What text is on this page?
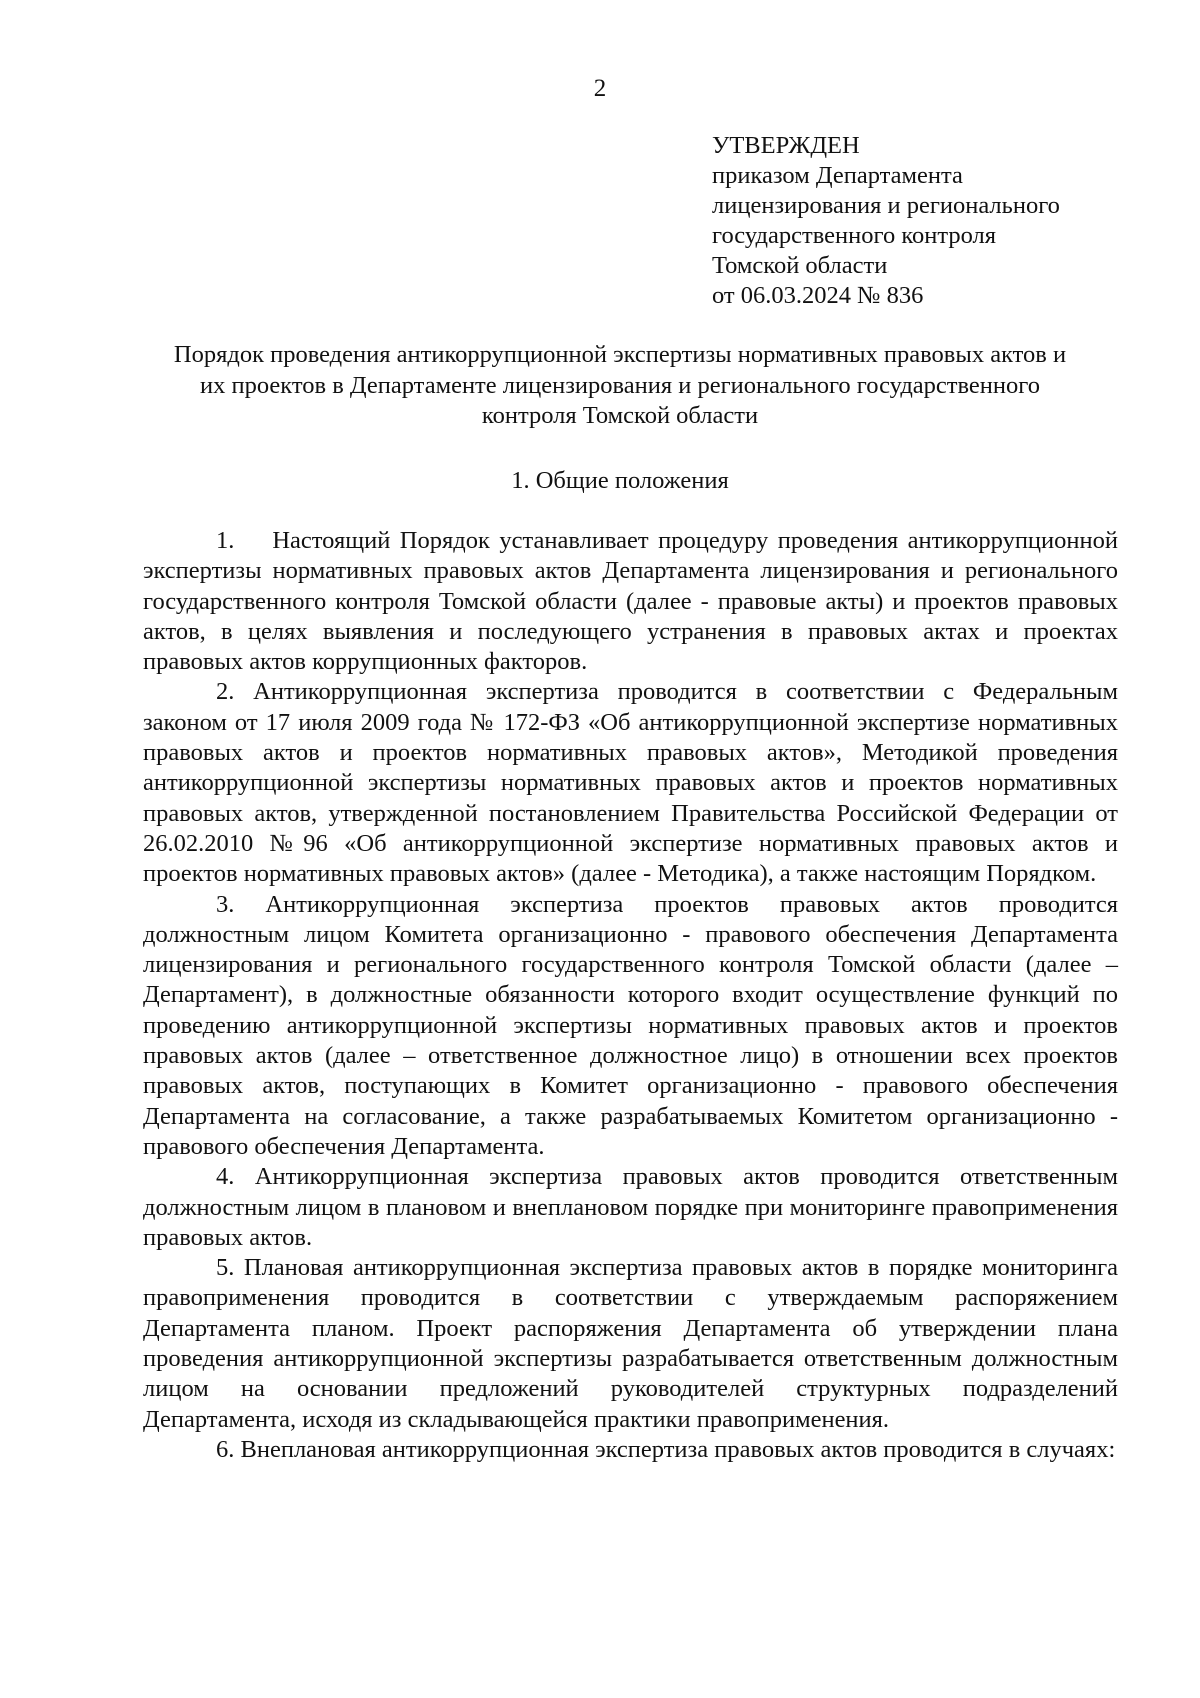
2
УТВЕРЖДЕН
приказом Департамента
лицензирования и регионального
государственного контроля
Томской области
от 06.03.2024 № 836
Порядок проведения антикоррупционной экспертизы нормативных правовых актов и
их проектов в Департаменте лицензирования и регионального государственного
контроля Томской области
1. Общие положения

1.    Настоящий Порядок устанавливает процедуру проведения антикоррупционной экспертизы нормативных правовых актов Департамента лицензирования и регионального государственного контроля Томской области (далее - правовые акты) и проектов правовых актов, в целях выявления и последующего устранения в правовых актах и проектах правовых актов коррупционных факторов.

2. Антикоррупционная экспертиза проводится в соответствии с Федеральным законом от 17 июля 2009 года № 172-ФЗ «Об антикоррупционной экспертизе нормативных правовых актов и проектов нормативных правовых актов», Методикой проведения антикоррупционной экспертизы нормативных правовых актов и проектов нормативных правовых актов, утвержденной постановлением Правительства Российской Федерации от 26.02.2010 №96 «Об антикоррупционной экспертизе нормативных правовых актов и проектов нормативных правовых актов» (далее - Методика), а также настоящим Порядком.

3. Антикоррупционная экспертиза проектов правовых актов проводится должностным лицом Комитета организационно - правового обеспечения Департамента лицензирования и регионального государственного контроля Томской области (далее – Департамент), в должностные обязанности которого входит осуществление функций по проведению антикоррупционной экспертизы нормативных правовых актов и проектов правовых актов (далее – ответственное должностное лицо) в отношении всех проектов правовых актов, поступающих в Комитет организационно - правового обеспечения Департамента на согласование, а также разрабатываемых Комитетом организационно - правового обеспечения Департамента.

4. Антикоррупционная экспертиза правовых актов проводится ответственным должностным лицом в плановом и внеплановом порядке при мониторинге правоприменения правовых актов.

5. Плановая антикоррупционная экспертиза правовых актов в порядке мониторинга правоприменения проводится в соответствии с утверждаемым распоряжением Департамента планом. Проект распоряжения Департамента об утверждении плана проведения антикоррупционной экспертизы разрабатывается ответственным должностным лицом на основании предложений руководителей структурных подразделений Департамента, исходя из складывающейся практики правоприменения.

6. Внеплановая антикоррупционная экспертиза правовых актов проводится в случаях:
